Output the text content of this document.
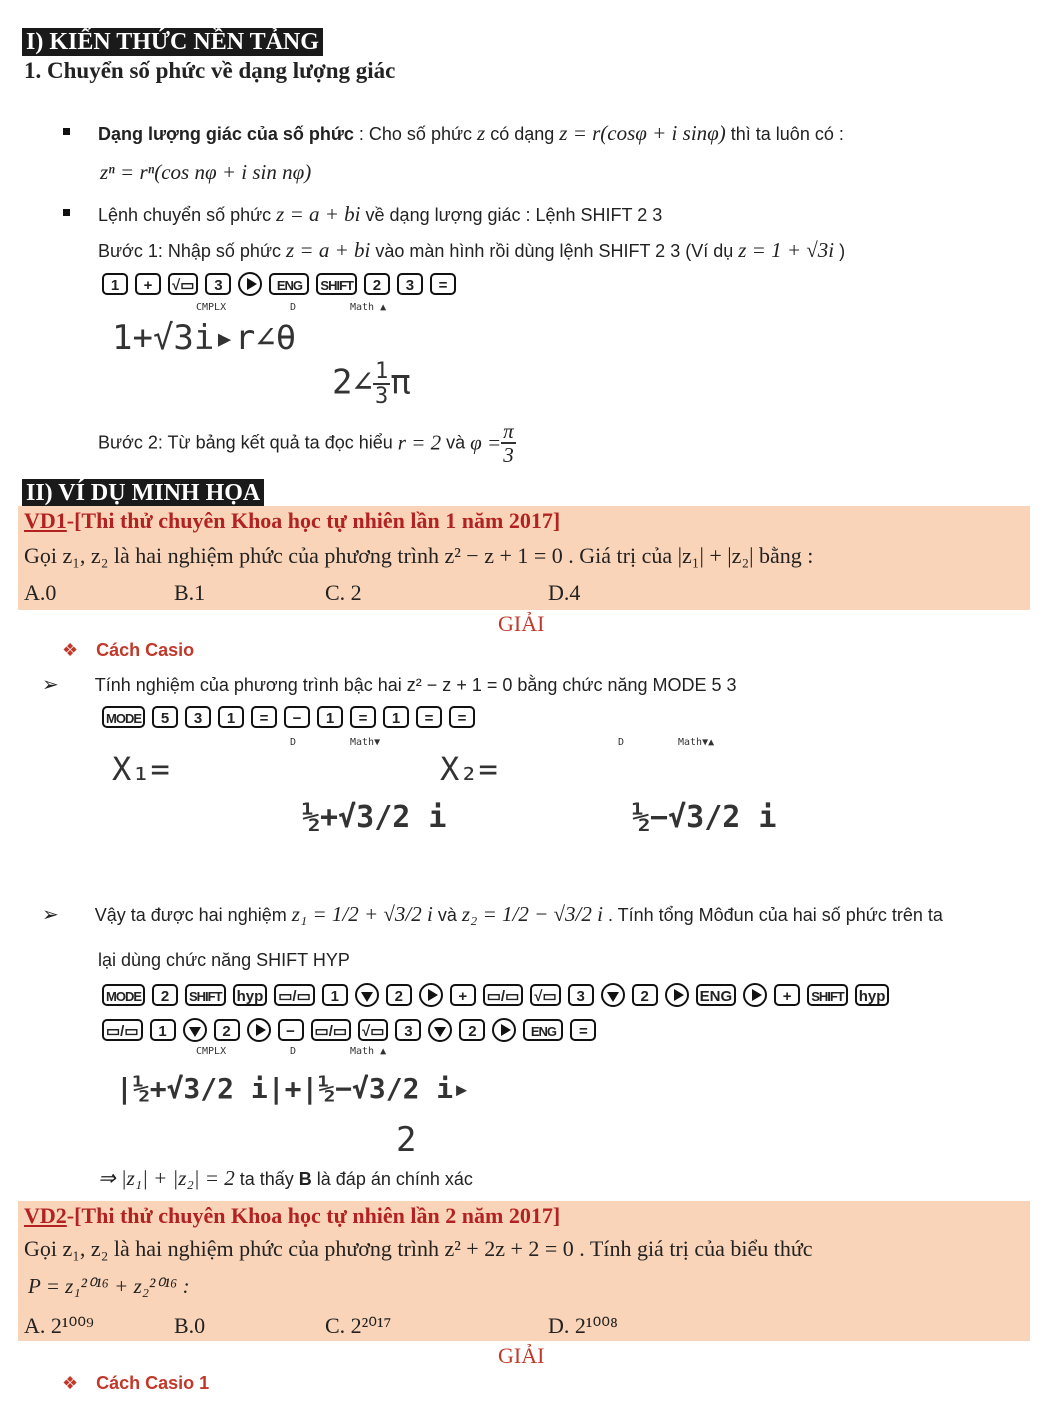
I) KIẾN THỨC NỀN TẢNG
1. Chuyển số phức về dạng lượng giác
Dạng lượng giác của số phức : Cho số phức z có dạng z = r(cosφ + i sinφ) thì ta luôn có :
zⁿ = rⁿ(cos nφ + i sin nφ)
Lệnh chuyển số phức z = a + bi về dạng lượng giác : Lệnh SHIFT 2 3
Bước 1: Nhập số phức z = a + bi vào màn hình rồi dùng lệnh SHIFT 2 3 (Ví dụ z = 1 + √3i )
1 + √▭ 3	ENG SHIFT 2 3 =
CMPLX	D	Math ▲
1+√3i▸r∠θ
2∠ $\frac{1}{3}$ π
Bước 2: Từ bảng kết quả ta đọc hiểu r = 2 và $\varphi = \frac{\pi}{3}$
II) VÍ DỤ MINH HỌA
VD1-[Thi thử chuyên Khoa học tự nhiên lần 1 năm 2017]
Gọi z₁, z₂ là hai nghiệm phức của phương trình z² − z + 1 = 0 . Giá trị của |z₁| + |z₂| bằng :
A.0	B.1	C. 2	D.4
GIẢI
❖ Cách Casio
➢ Tính nghiệm của phương trình bậc hai z² − z + 1 = 0 bằng chức năng MODE 5 3
MODE 5 3 1 = − 1 = 1 = =
D	Math▼	D	Math▼▲
X₁=	X₂=
½+√3/2 i	½−√3/2 i
➢ Vậy ta được hai nghiệm z₁ = 1/2 + √3/2 i và z₂ = 1/2 − √3/2 i . Tính tổng Môđun của hai số phức trên ta
lại dùng chức năng SHIFT HYP
MODE 2 SHIFT hyp ▭/▭ 1	2	+ ▭/▭ √▭ 3	2	ENG	+ SHIFT hyp
▭/▭ 1	2	− ▭/▭ √▭ 3	2	ENG =
CMPLX	D	Math ▲
|½+√3/2 i|+|½−√3/2 i▸
2
⇒ |z₁| + |z₂| = 2 ta thấy B là đáp án chính xác
VD2-[Thi thử chuyên Khoa học tự nhiên lần 2 năm 2017]
Gọi z₁, z₂ là hai nghiệm phức của phương trình z² + 2z + 2 = 0 . Tính giá trị của biểu thức
P = z₁²⁰¹⁶ + z₂²⁰¹⁶ :
A. 2¹⁰⁰⁹	B.0	C. 2²⁰¹⁷	D. 2¹⁰⁰⁸
GIẢI
❖ Cách Casio 1
